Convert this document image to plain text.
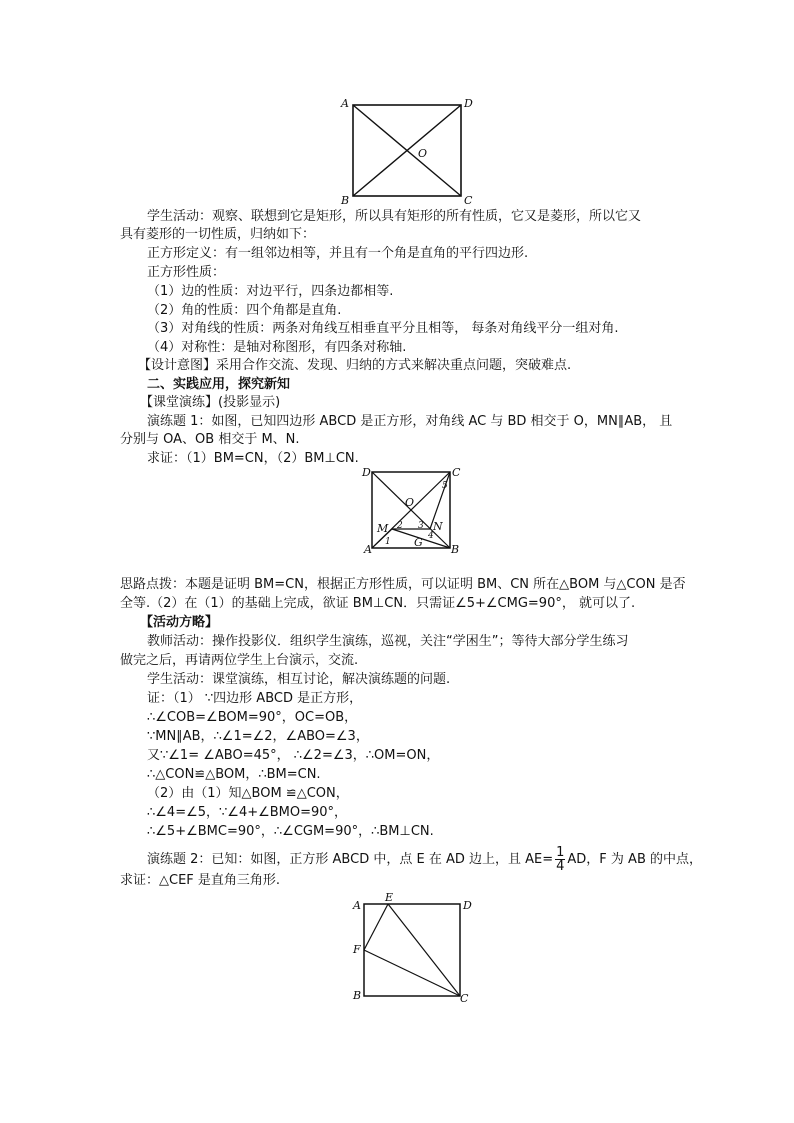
A	D
B	C
O
学生活动：观察、联想到它是矩形，所以具有矩形的所有性质，它又是菱形，所以它又
具有菱形的一切性质，归纳如下：
正方形定义：有一组邻边相等，并且有一个角是直角的平行四边形.
正方形性质：
（1）边的性质：对边平行，四条边都相等.
（2）角的性质：四个角都是直角.
（3）对角线的性质：两条对角线互相垂直平分且相等， 每条对角线平分一组对角.
（4）对称性：是轴对称图形，有四条对称轴.
【设计意图】采用合作交流、发现、归纳的方式来解决重点问题，突破难点.
二、实践应用，探究新知
【课堂演练】(投影显示)
演练题 1：如图，已知四边形 ABCD 是正方形，对角线 AC 与 BD 相交于 O，MN∥AB， 且
分别与 OA、OB 相交于 M、N.
求证：（1）BM=CN，（2）BM⊥CN.
D	C
O
M	N
A	B
G
1
2 3
4
5
思路点拨：本题是证明 BM=CN，根据正方形性质，可以证明 BM、CN 所在△BOM 与△CON 是否
全等.（2）在（1）的基础上完成，欲证 BM⊥CN．只需证∠5+∠CMG=90°， 就可以了.
【活动方略】
教师活动：操作投影仪．组织学生演练，巡视，关注“学困生”；等待大部分学生练习
做完之后，再请两位学生上台演示，交流.
学生活动：课堂演练，相互讨论，解决演练题的问题.
证：（1） ∵四边形 ABCD 是正方形，
∴∠COB=∠BOM=90°，OC=OB，
∵MN∥AB，∴∠1=∠2，∠ABO=∠3，
又∵∠1= ∠ABO=45°， ∴∠2=∠3，∴OM=ON，
∴△CON≌△BOM，∴BM=CN.
（2）由（1）知△BOM ≌△CON，
∴∠4=∠5，∵∠4+∠BMO=90°，
∴∠5+∠BMC=90°，∴∠CGM=90°，∴BM⊥CN.
演练题 2：已知：如图，正方形 ABCD 中，点 E 在 AD 边上，且 $AE= \frac{1}{4}$ AD，F 为 AB 的中点，
求证：△CEF 是直角三角形.
A
E
D
F
B	C
